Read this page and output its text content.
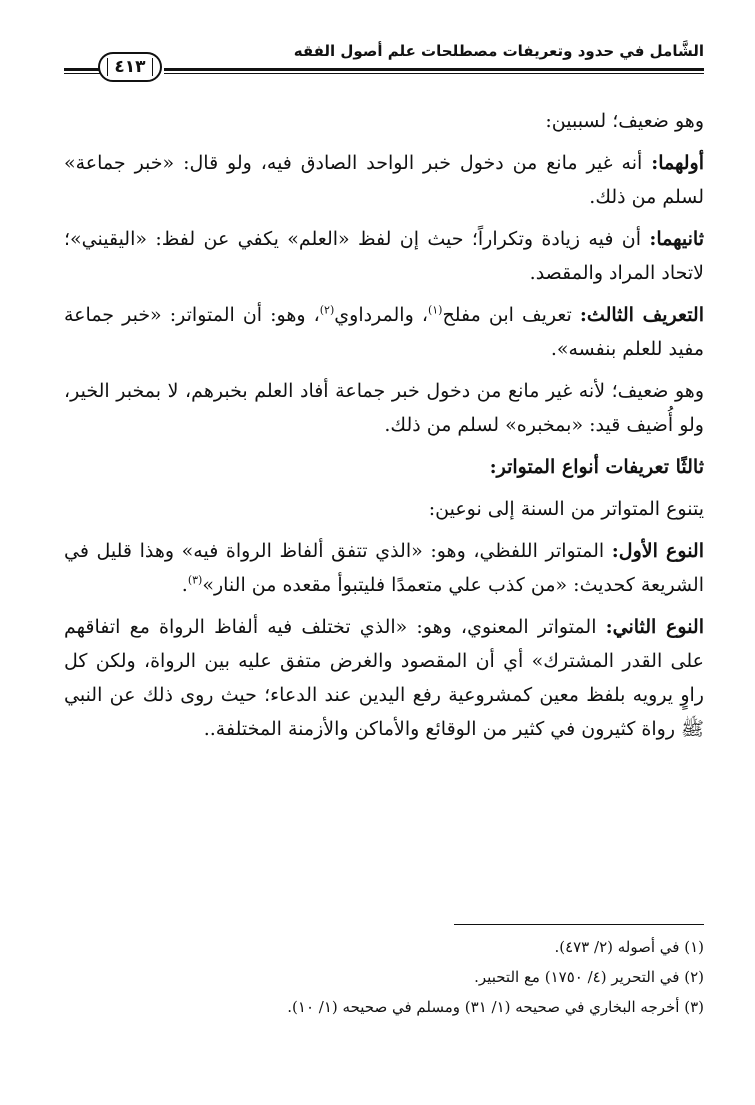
الشَّامل في حدود وتعريفات مصطلحات علم أصول الفقه
٤١٣

وهو ضعيف؛ لسببين:

أولهما: أنه غير مانع من دخول خبر الواحد الصادق فيه، ولو قال: «خبر جماعة» لسلم من ذلك.

ثانيهما: أن فيه زيادة وتكراراً؛ حيث إن لفظ «العلم» يكفي عن لفظ: «اليقيني»؛ لاتحاد المراد والمقصد.

التعريف الثالث: تعريف ابن مفلح$^{(١)}$، والمرداوي$^{(٢)}$، وهو: أن المتواتر: «خبر جماعة مفيد للعلم بنفسه».

وهو ضعيف؛ لأنه غير مانع من دخول خبر جماعة أفاد العلم بخبرهم، لا بمخبر الخير، ولو أُضيف قيد: «بمخبره» لسلم من ذلك.

ثالثًا تعريفات أنواع المتواتر:

يتنوع المتواتر من السنة إلى نوعين:

النوع الأول: المتواتر اللفظي، وهو: «الذي تتفق ألفاظ الرواة فيه» وهذا قليل في الشريعة كحديث: «من كذب علي متعمدًا فليتبوأ مقعده من النار»$^{(٣)}$.

النوع الثاني: المتواتر المعنوي، وهو: «الذي تختلف فيه ألفاظ الرواة مع اتفاقهم على القدر المشترك» أي أن المقصود والغرض متفق عليه بين الرواة، ولكن كل راوٍ يرويه بلفظ معين كمشروعية رفع اليدين عند الدعاء؛ حيث روى ذلك عن النبي ﷺ رواة كثيرون في كثير من الوقائع والأماكن والأزمنة المختلفة..

(١) في أصوله (٢/ ٤٧٣).
(٢) في التحرير (٤/ ١٧٥٠) مع التحبير.
(٣) أخرجه البخاري في صحيحه (١/ ٣١) ومسلم في صحيحه (١/ ١٠).
